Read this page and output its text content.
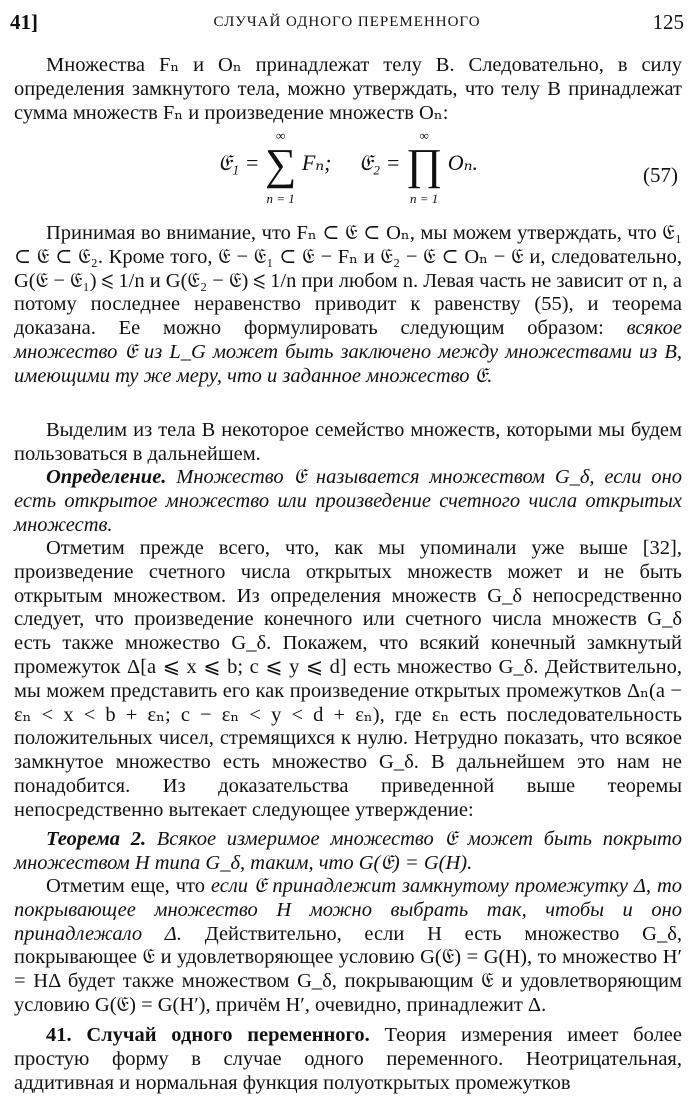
41]	СЛУЧАЙ ОДНОГО ПЕРЕМЕННОГО	125

Множества Fₙ и Oₙ принадлежат телу B. Следовательно, в силу определения замкнутого тела, можно утверждать, что телу B принадлежат сумма множеств Fₙ и произведение множеств Oₙ:

𝔈₁ =
∞
∑
n = 1
Fₙ; 𝔈₂ =
∞
∏
n = 1
Oₙ.	(57)

Принимая во внимание, что Fₙ ⊂ 𝔈 ⊂ Oₙ, мы можем утверждать, что 𝔈₁ ⊂ 𝔈 ⊂ 𝔈₂. Кроме того, 𝔈 − 𝔈₁ ⊂ 𝔈 − Fₙ и 𝔈₂ − 𝔈 ⊂ Oₙ − 𝔈 и, следовательно, G(𝔈 − 𝔈₁) ⩽ 1/n и G(𝔈₂ − 𝔈) ⩽ 1/n при любом n. Левая часть не зависит от n, а потому последнее неравенство приводит к равенству (55), и теорема доказана. Ее можно формулировать следующим образом: всякое множество 𝔈 из L_G может быть заключено между множествами из B, имеющими ту же меру, что и заданное множество 𝔈.

Выделим из тела B некоторое семейство множеств, которыми мы будем пользоваться в дальнейшем.

Определение. Множество 𝔈 называется множеством G_δ, если оно есть открытое множество или произведение счетного числа открытых множеств.

Отметим прежде всего, что, как мы упоминали уже выше [32], произведение счетного числа открытых множеств может и не быть открытым множеством. Из определения множеств G_δ непосредственно следует, что произведение конечного или счетного числа множеств G_δ есть также множество G_δ. Покажем, что всякий конечный замкнутый промежуток Δ[a ⩽ x ⩽ b; c ⩽ y ⩽ d] есть множество G_δ. Действительно, мы можем представить его как произведение открытых промежутков Δₙ(a − εₙ < x < b + εₙ; c − εₙ < y < d + εₙ), где εₙ есть последовательность положительных чисел, стремящихся к нулю. Нетрудно показать, что всякое замкнутое множество есть множество G_δ. В дальнейшем это нам не понадобится. Из доказательства приведенной выше теоремы непосредственно вытекает следующее утверждение:

Теорема 2. Всякое измеримое множество 𝔈 может быть покрыто множеством H типа G_δ, таким, что G(𝔈) = G(H).

Отметим еще, что если 𝔈 принадлежит замкнутому промежутку Δ, то покрывающее множество H можно выбрать так, чтобы и оно принадлежало Δ. Действительно, если H есть множество G_δ, покрывающее 𝔈 и удовлетворяющее условию G(𝔈) = G(H), то множество H′ = HΔ будет также множеством G_δ, покрывающим 𝔈 и удовлетворяющим условию G(𝔈) = G(H′), причём H′, очевидно, принадлежит Δ.

41. Случай одного переменного. Теория измерения имеет более простую форму в случае одного переменного. Неотрицательная, аддитивная и нормальная функция полуоткрытых промежутков
